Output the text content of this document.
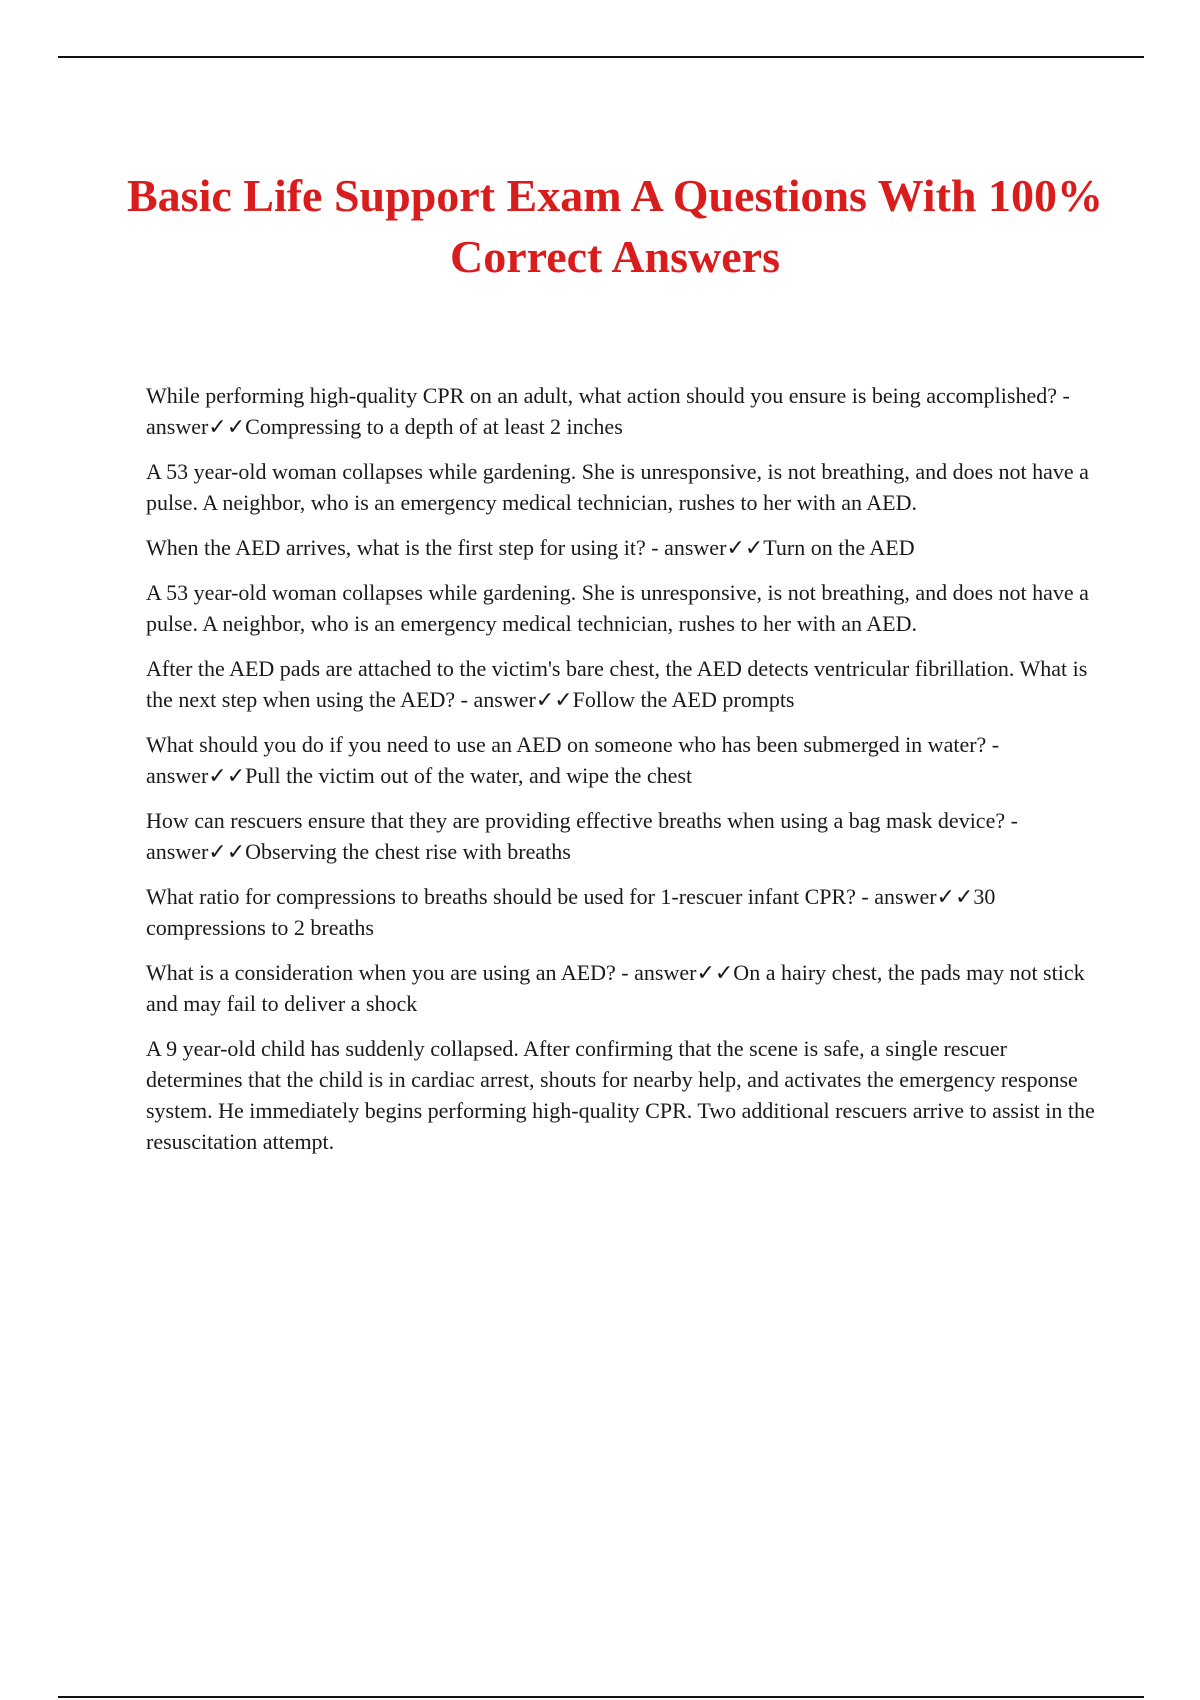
Basic Life Support Exam A Questions With 100% Correct Answers

While performing high-quality CPR on an adult, what action should you ensure is being accomplished? - answer✓✓Compressing to a depth of at least 2 inches

A 53 year-old woman collapses while gardening. She is unresponsive, is not breathing, and does not have a pulse. A neighbor, who is an emergency medical technician, rushes to her with an AED.

When the AED arrives, what is the first step for using it? - answer✓✓Turn on the AED

A 53 year-old woman collapses while gardening. She is unresponsive, is not breathing, and does not have a pulse. A neighbor, who is an emergency medical technician, rushes to her with an AED.

After the AED pads are attached to the victim's bare chest, the AED detects ventricular fibrillation. What is the next step when using the AED? - answer✓✓Follow the AED prompts

What should you do if you need to use an AED on someone who has been submerged in water? - answer✓✓Pull the victim out of the water, and wipe the chest

How can rescuers ensure that they are providing effective breaths when using a bag mask device? - answer✓✓Observing the chest rise with breaths

What ratio for compressions to breaths should be used for 1-rescuer infant CPR? - answer✓✓30 compressions to 2 breaths

What is a consideration when you are using an AED? - answer✓✓On a hairy chest, the pads may not stick and may fail to deliver a shock

A 9 year-old child has suddenly collapsed. After confirming that the scene is safe, a single rescuer determines that the child is in cardiac arrest, shouts for nearby help, and activates the emergency response system. He immediately begins performing high-quality CPR. Two additional rescuers arrive to assist in the resuscitation attempt.
